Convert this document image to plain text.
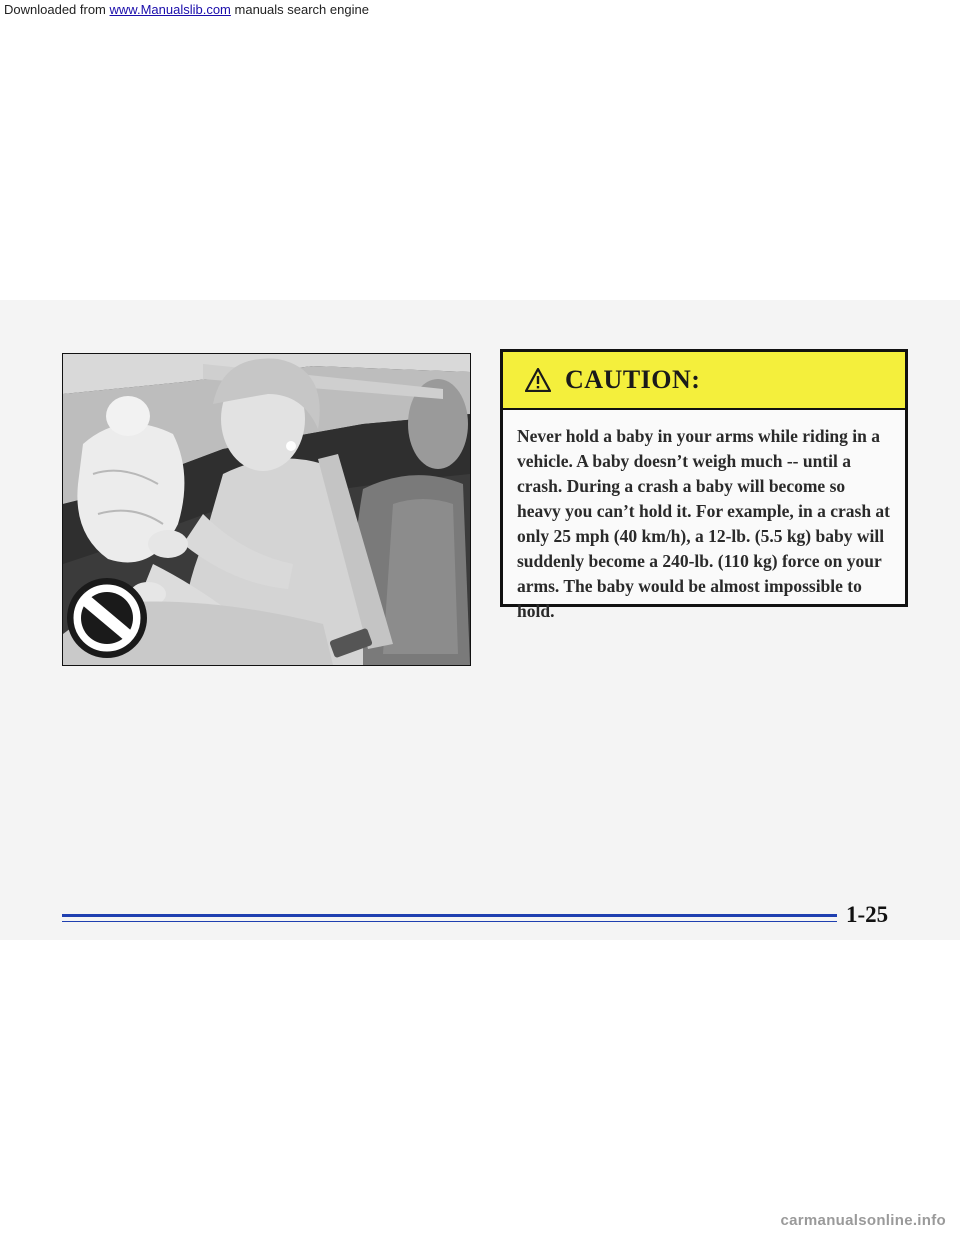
Downloaded from www.Manualslib.com manuals search engine
CAUTION:

Never hold a baby in your arms while riding in a vehicle. A baby doesn’t weigh much -- until a crash. During a crash a baby will become so heavy you can’t hold it. For example, in a crash at only 25 mph (40 km/h), a 12-lb. (5.5 kg) baby will suddenly become a 240-lb. (110 kg) force on your arms. The baby would be almost impossible to hold.

1-25
carmanualsonline.info
